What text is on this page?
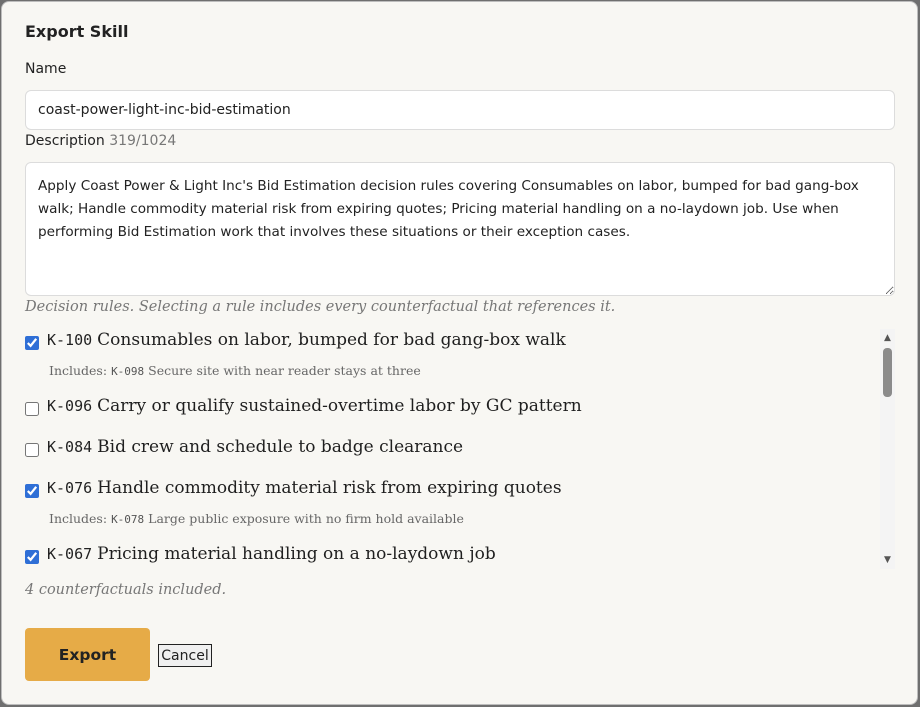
Export Skill
Name
coast-power-light-inc-bid-estimation
Description 319/1024
Apply Coast Power & Light Inc's Bid Estimation decision rules covering Consumables on labor, bumped for bad gang-box walk; Handle commodity material risk from expiring quotes; Pricing material handling on a no-laydown job. Use when performing Bid Estimation work that involves these situations or their exception cases.
Decision rules. Selecting a rule includes every counterfactual that references it.
K-100 Consumables on labor, bumped for bad gang-box walk
Includes: K-098 Secure site with near reader stays at three
K-096 Carry or qualify sustained-overtime labor by GC pattern
K-084 Bid crew and schedule to badge clearance
K-076 Handle commodity material risk from expiring quotes
Includes: K-078 Large public exposure with no firm hold available
K-067 Pricing material handling on a no-laydown job
▲
▼
4 counterfactuals included.
Export	Cancel
